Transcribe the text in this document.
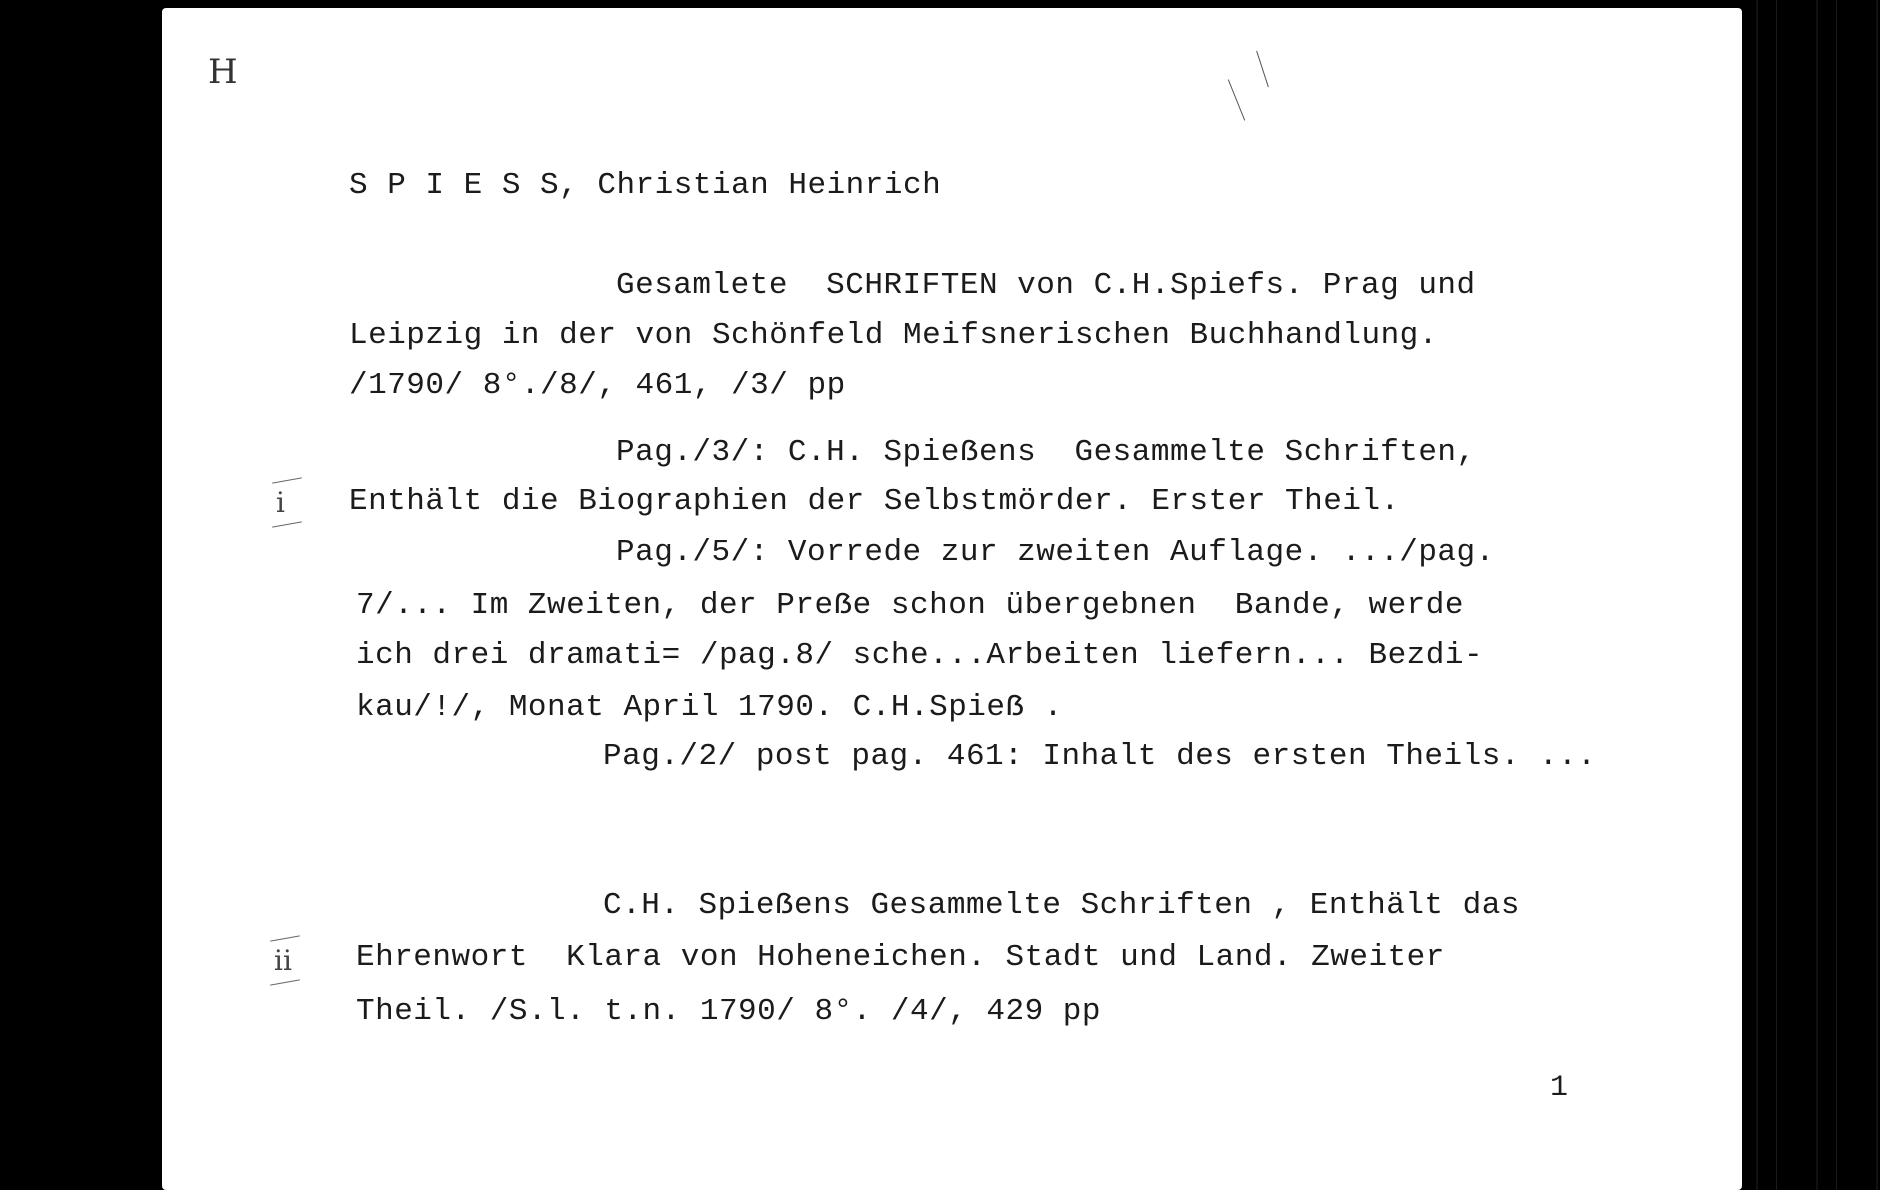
H
S P I E S S, Christian Heinrich
Gesamlete  SCHRIFTEN von C.H.Spiefs. Prag und
Leipzig in der von Schönfeld Meifsnerischen Buchhandlung.
/1790/ 8°./8/, 461, /3/ pp
Pag./3/: C.H. Spieẞens  Gesammelte Schriften,
i Enthält die Biographien der Selbstmörder. Erster Theil.
Pag./5/: Vorrede zur zweiten Auflage. .../pag.
7/... Im Zweiten, der Preẞe schon übergebnen  Bande, werde
ich drei dramati= /pag.8/ sche...Arbeiten liefern... Bezdi-
kau/!/, Monat April 1790. C.H.Spieẞ .
Pag./2/ post pag. 461: Inhalt des ersten Theils. ...
C.H. Spieẞens Gesammelte Schriften , Enthält das
ii Ehrenwort  Klara von Hoheneichen. Stadt und Land. Zweiter
Theil. /S.l. t.n. 1790/ 8°. /4/, 429 pp
1
